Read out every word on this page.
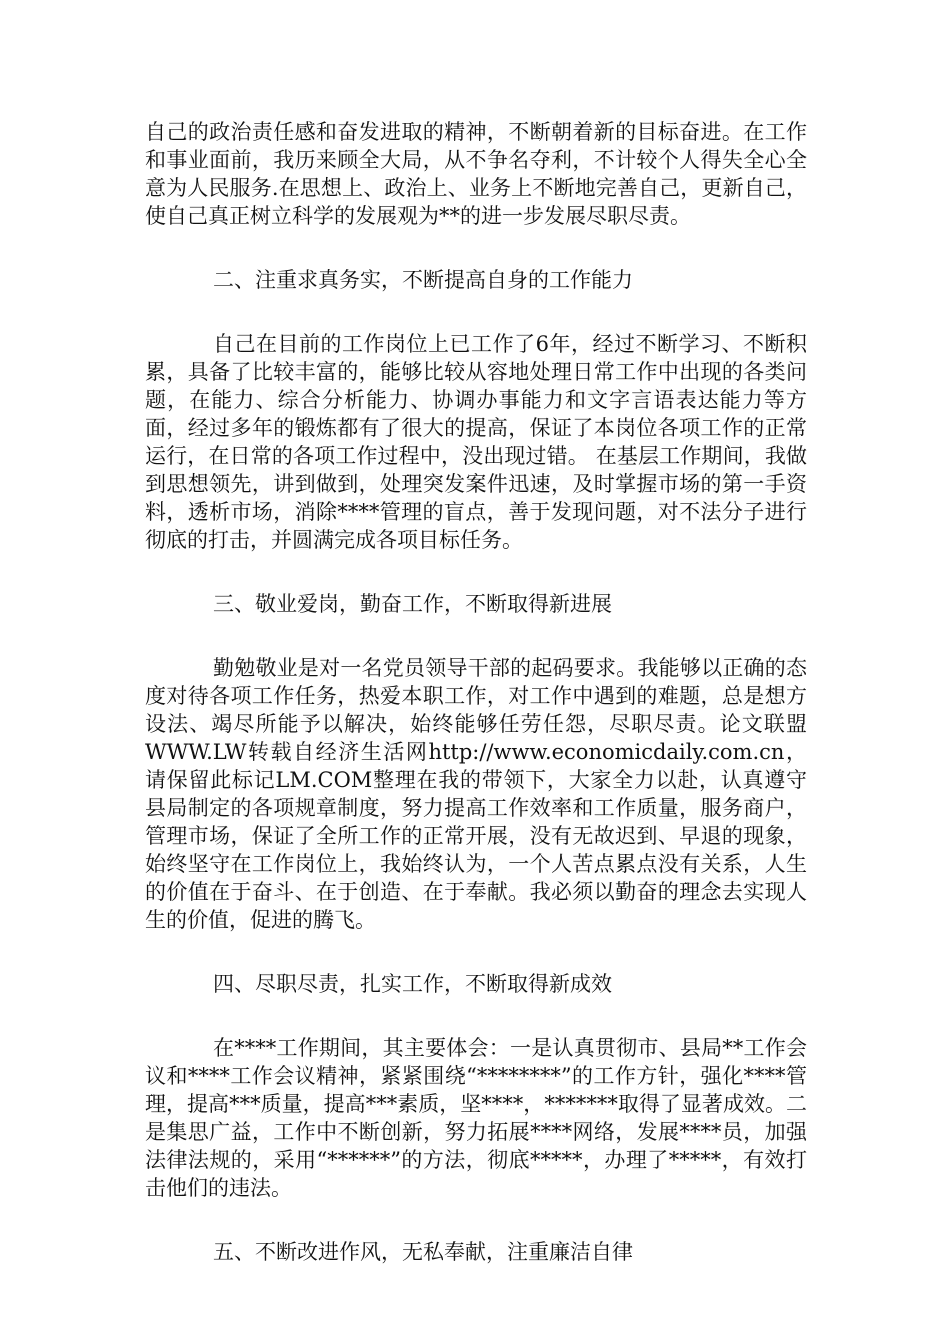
自己的政治责任感和奋发进取的精神，不断朝着新的目标奋进。在工作和事业面前，我历来顾全大局，从不争名夺利，不计较个人得失全心全意为人民服务.在思想上、政治上、业务上不断地完善自己，更新自己，使自己真正树立科学的发展观为**的进一步发展尽职尽责。

二、注重求真务实，不断提高自身的工作能力

自己在目前的工作岗位上已工作了6年，经过不断学习、不断积累，具备了比较丰富的，能够比较从容地处理日常工作中出现的各类问题，在能力、综合分析能力、协调办事能力和文字言语表达能力等方面，经过多年的锻炼都有了很大的提高，保证了本岗位各项工作的正常运行，在日常的各项工作过程中，没出现过错。 在基层工作期间，我做到思想领先，讲到做到，处理突发案件迅速，及时掌握市场的第一手资料，透析市场，消除****管理的盲点，善于发现问题，对不法分子进行彻底的打击，并圆满完成各项目标任务。

三、敬业爱岗，勤奋工作，不断取得新进展

勤勉敬业是对一名党员领导干部的起码要求。我能够以正确的态度对待各项工作任务，热爱本职工作，对工作中遇到的难题，总是想方设法、竭尽所能予以解决，始终能够任劳任怨，尽职尽责。论文联盟WWW.LW转载自经济生活网http://www.economicdaily.com.cn，请保留此标记LM.COM整理在我的带领下，大家全力以赴，认真遵守县局制定的各项规章制度，努力提高工作效率和工作质量，服务商户，管理市场，保证了全所工作的正常开展，没有无故迟到、早退的现象，始终坚守在工作岗位上，我始终认为，一个人苦点累点没有关系，人生的价值在于奋斗、在于创造、在于奉献。我必须以勤奋的理念去实现人生的价值，促进的腾飞。

四、尽职尽责，扎实工作，不断取得新成效

在****工作期间，其主要体会：一是认真贯彻市、县局**工作会议和****工作会议精神，紧紧围绕“********”的工作方针，强化****管理，提高***质量，提高***素质，坚****，*******取得了显著成效。二是集思广益，工作中不断创新，努力拓展****网络，发展****员，加强法律法规的，采用“******”的方法，彻底*****，办理了*****，有效打击他们的违法。

五、不断改进作风，无私奉献，注重廉洁自律
